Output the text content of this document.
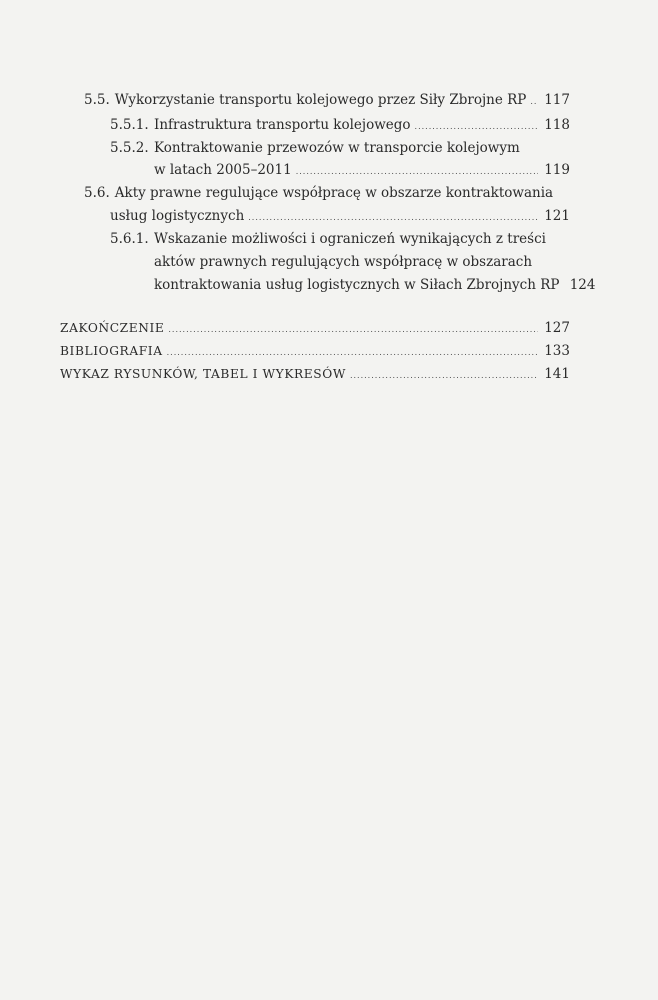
5.5. Wykorzystanie transportu kolejowego przez Siły Zbrojne RP ..... 117
5.5.1. Infrastruktura transportu kolejowego .....	118
5.5.2. Kontraktowanie przewozów w transporcie kolejowym
w latach 2005–2011 .....	119
5.6. Akty prawne regulujące współpracę w obszarze kontraktowania
usług logistycznych .....	121
5.6.1. Wskazanie możliwości i ograniczeń wynikających z treści
aktów prawnych regulujących współpracę w obszarach
kontraktowania usług logistycznych w Siłach Zbrojnych RP 124
ZAKOŃCZENIE .....	127
BIBLIOGRAFIA .....	133
WYKAZ RYSUNKÓW, TABEL I WYKRESÓW .....	141
